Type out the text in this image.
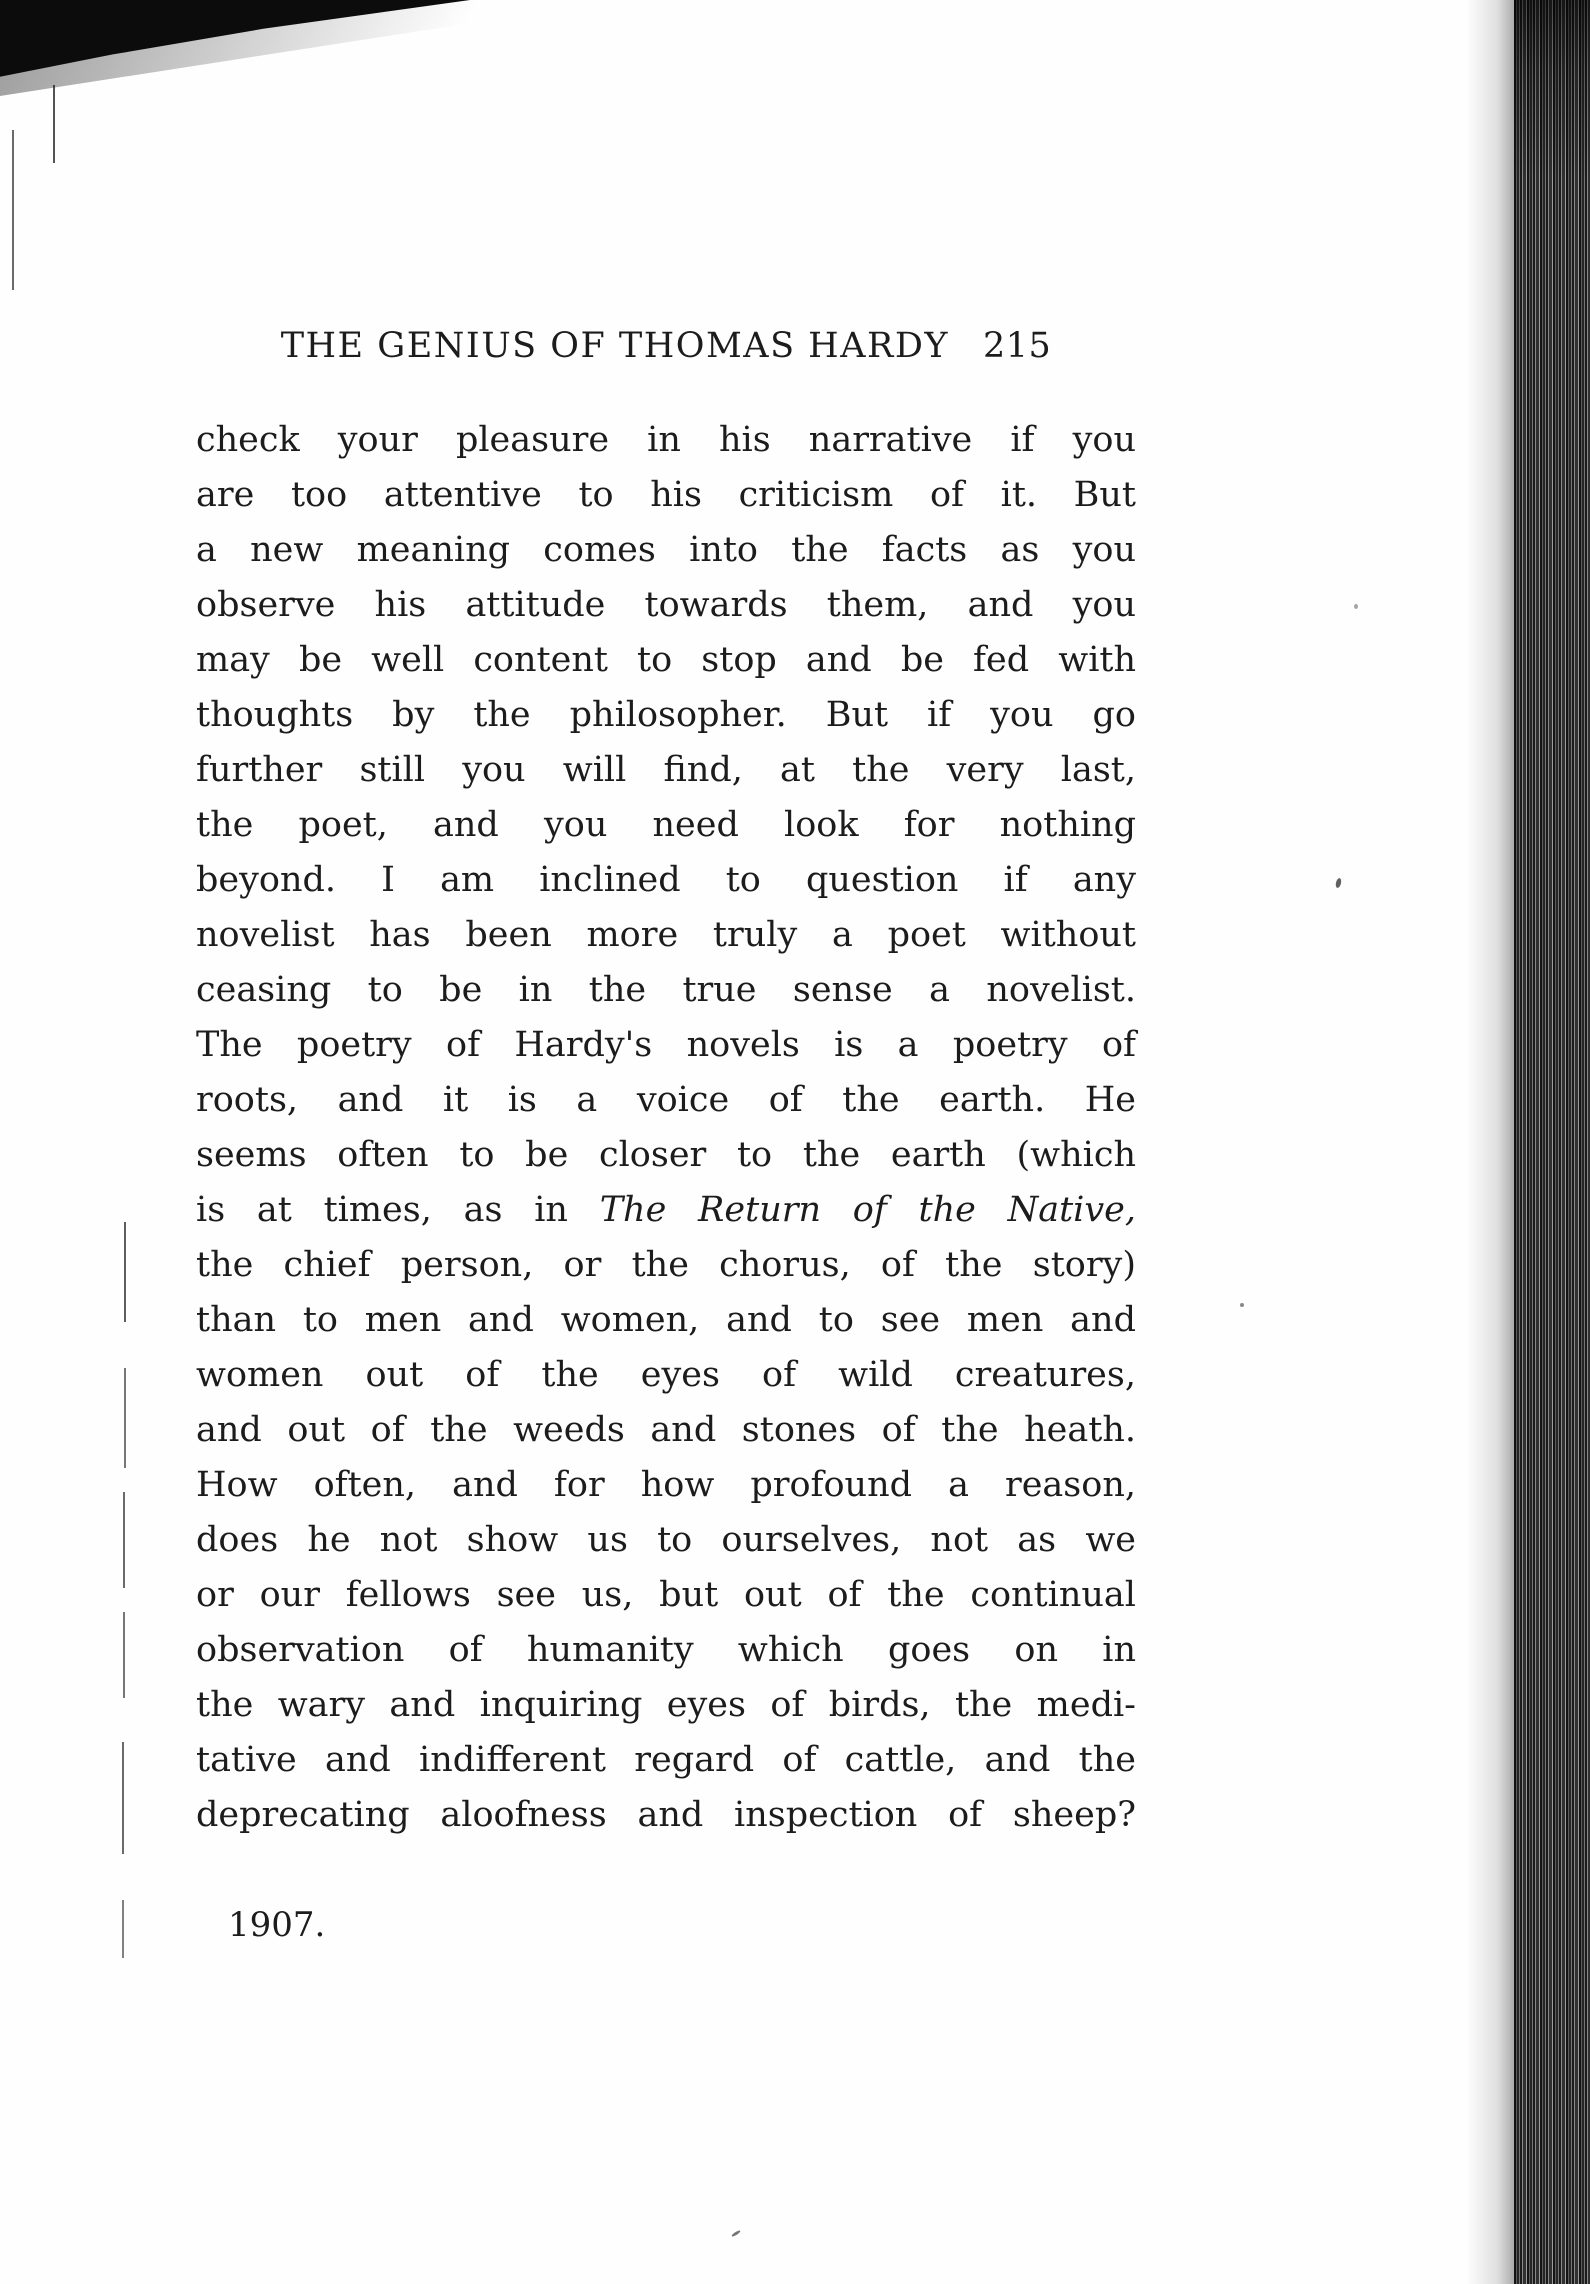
THE GENIUS OF THOMAS HARDY 215
check your pleasure in his narrative if you
are too attentive to his criticism of it. But
a new meaning comes into the facts as you
observe his attitude towards them, and you
may be well content to stop and be fed with
thoughts by the philosopher. But if you go
further still you will find, at the very last,
the poet, and you need look for nothing
beyond. I am inclined to question if any
novelist has been more truly a poet without
ceasing to be in the true sense a novelist.
The poetry of Hardy's novels is a poetry of
roots, and it is a voice of the earth. He
seems often to be closer to the earth (which
is at times, as in The Return of the Native,
the chief person, or the chorus, of the story)
than to men and women, and to see men and
women out of the eyes of wild creatures,
and out of the weeds and stones of the heath.
How often, and for how profound a reason,
does he not show us to ourselves, not as we
or our fellows see us, but out of the continual
observation of humanity which goes on in
the wary and inquiring eyes of birds, the medi-
tative and indifferent regard of cattle, and the
deprecating aloofness and inspection of sheep?
1907.
